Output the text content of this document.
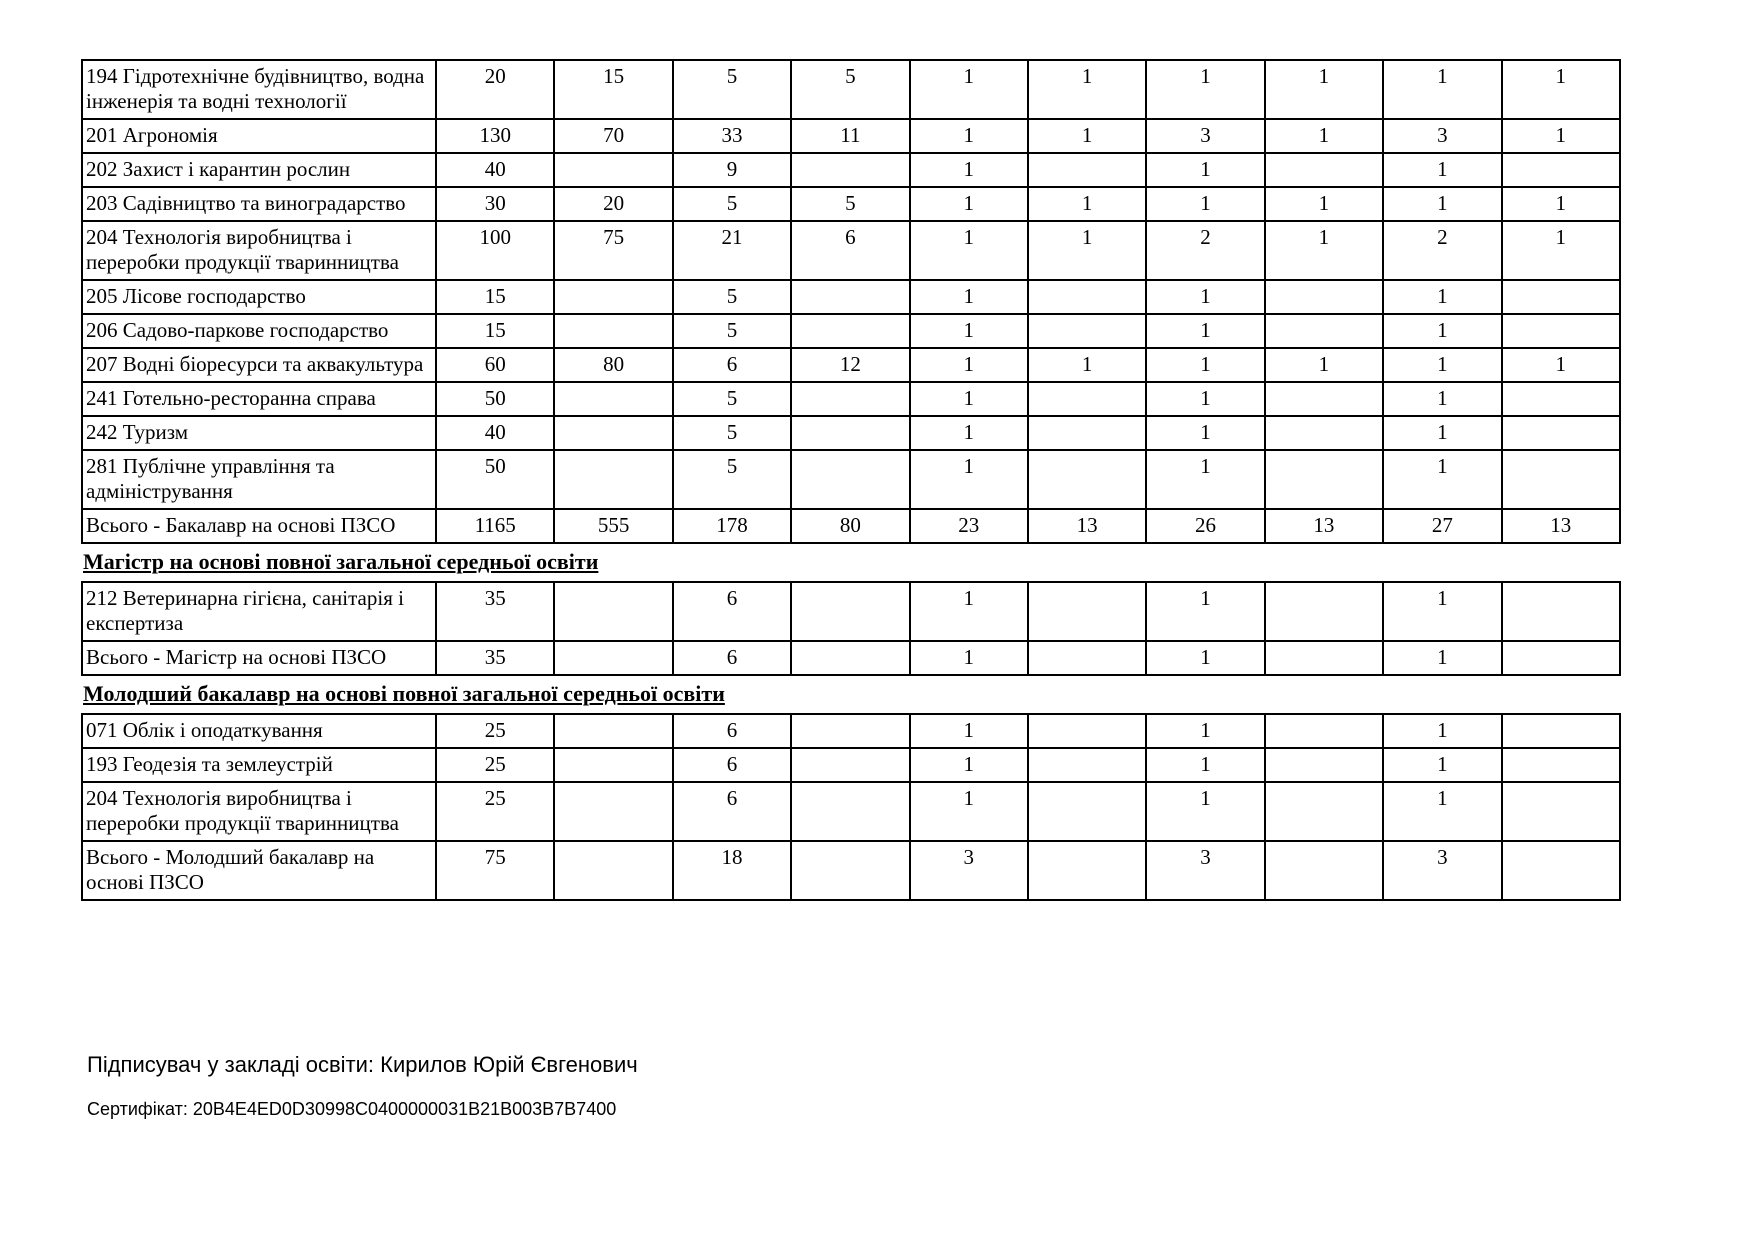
194 Гідротехнічне будівництво, водна інженерія та водні технології	20	15	5	5	1	1	1	1	1	1
201 Агрономія	130	70	33	11	1	1	3	1	3	1
202 Захист і карантин рослин	40		9		1		1		1	
203 Садівництво та виноградарство	30	20	5	5	1	1	1	1	1	1
204 Технологія виробництва і переробки продукції тваринництва	100	75	21	6	1	1	2	1	2	1
205 Лісове господарство	15		5		1		1		1	
206 Садово-паркове господарство	15		5		1		1		1	
207 Водні біоресурси та аквакультура	60	80	6	12	1	1	1	1	1	1
241 Готельно-ресторанна справа	50		5		1		1		1	
242 Туризм	40		5		1		1		1	
281 Публічне управління та адміністрування	50		5		1		1		1	
Всього - Бакалавр на основі ПЗСО	1165	555	178	80	23	13	26	13	27	13
Магістр на основі повної загальної середньої освіти
212 Ветеринарна гігієна, санітарія і експертиза	35		6		1		1		1	
Всього - Магістр на основі ПЗСО	35		6		1		1		1	
Молодший бакалавр на основі повної загальної середньої освіти
071 Облік і оподаткування	25		6		1		1		1	
193 Геодезія та землеустрій	25		6		1		1		1	
204 Технологія виробництва і переробки продукції тваринництва	25		6		1		1		1	
Всього - Молодший бакалавр на основі ПЗСО	75		18		3		3		3	
Підписувач у закладі освіти: Кирилов Юрій Євгенович
Сертифікат: 20B4E4ED0D30998C0400000031B21B003B7B7400
